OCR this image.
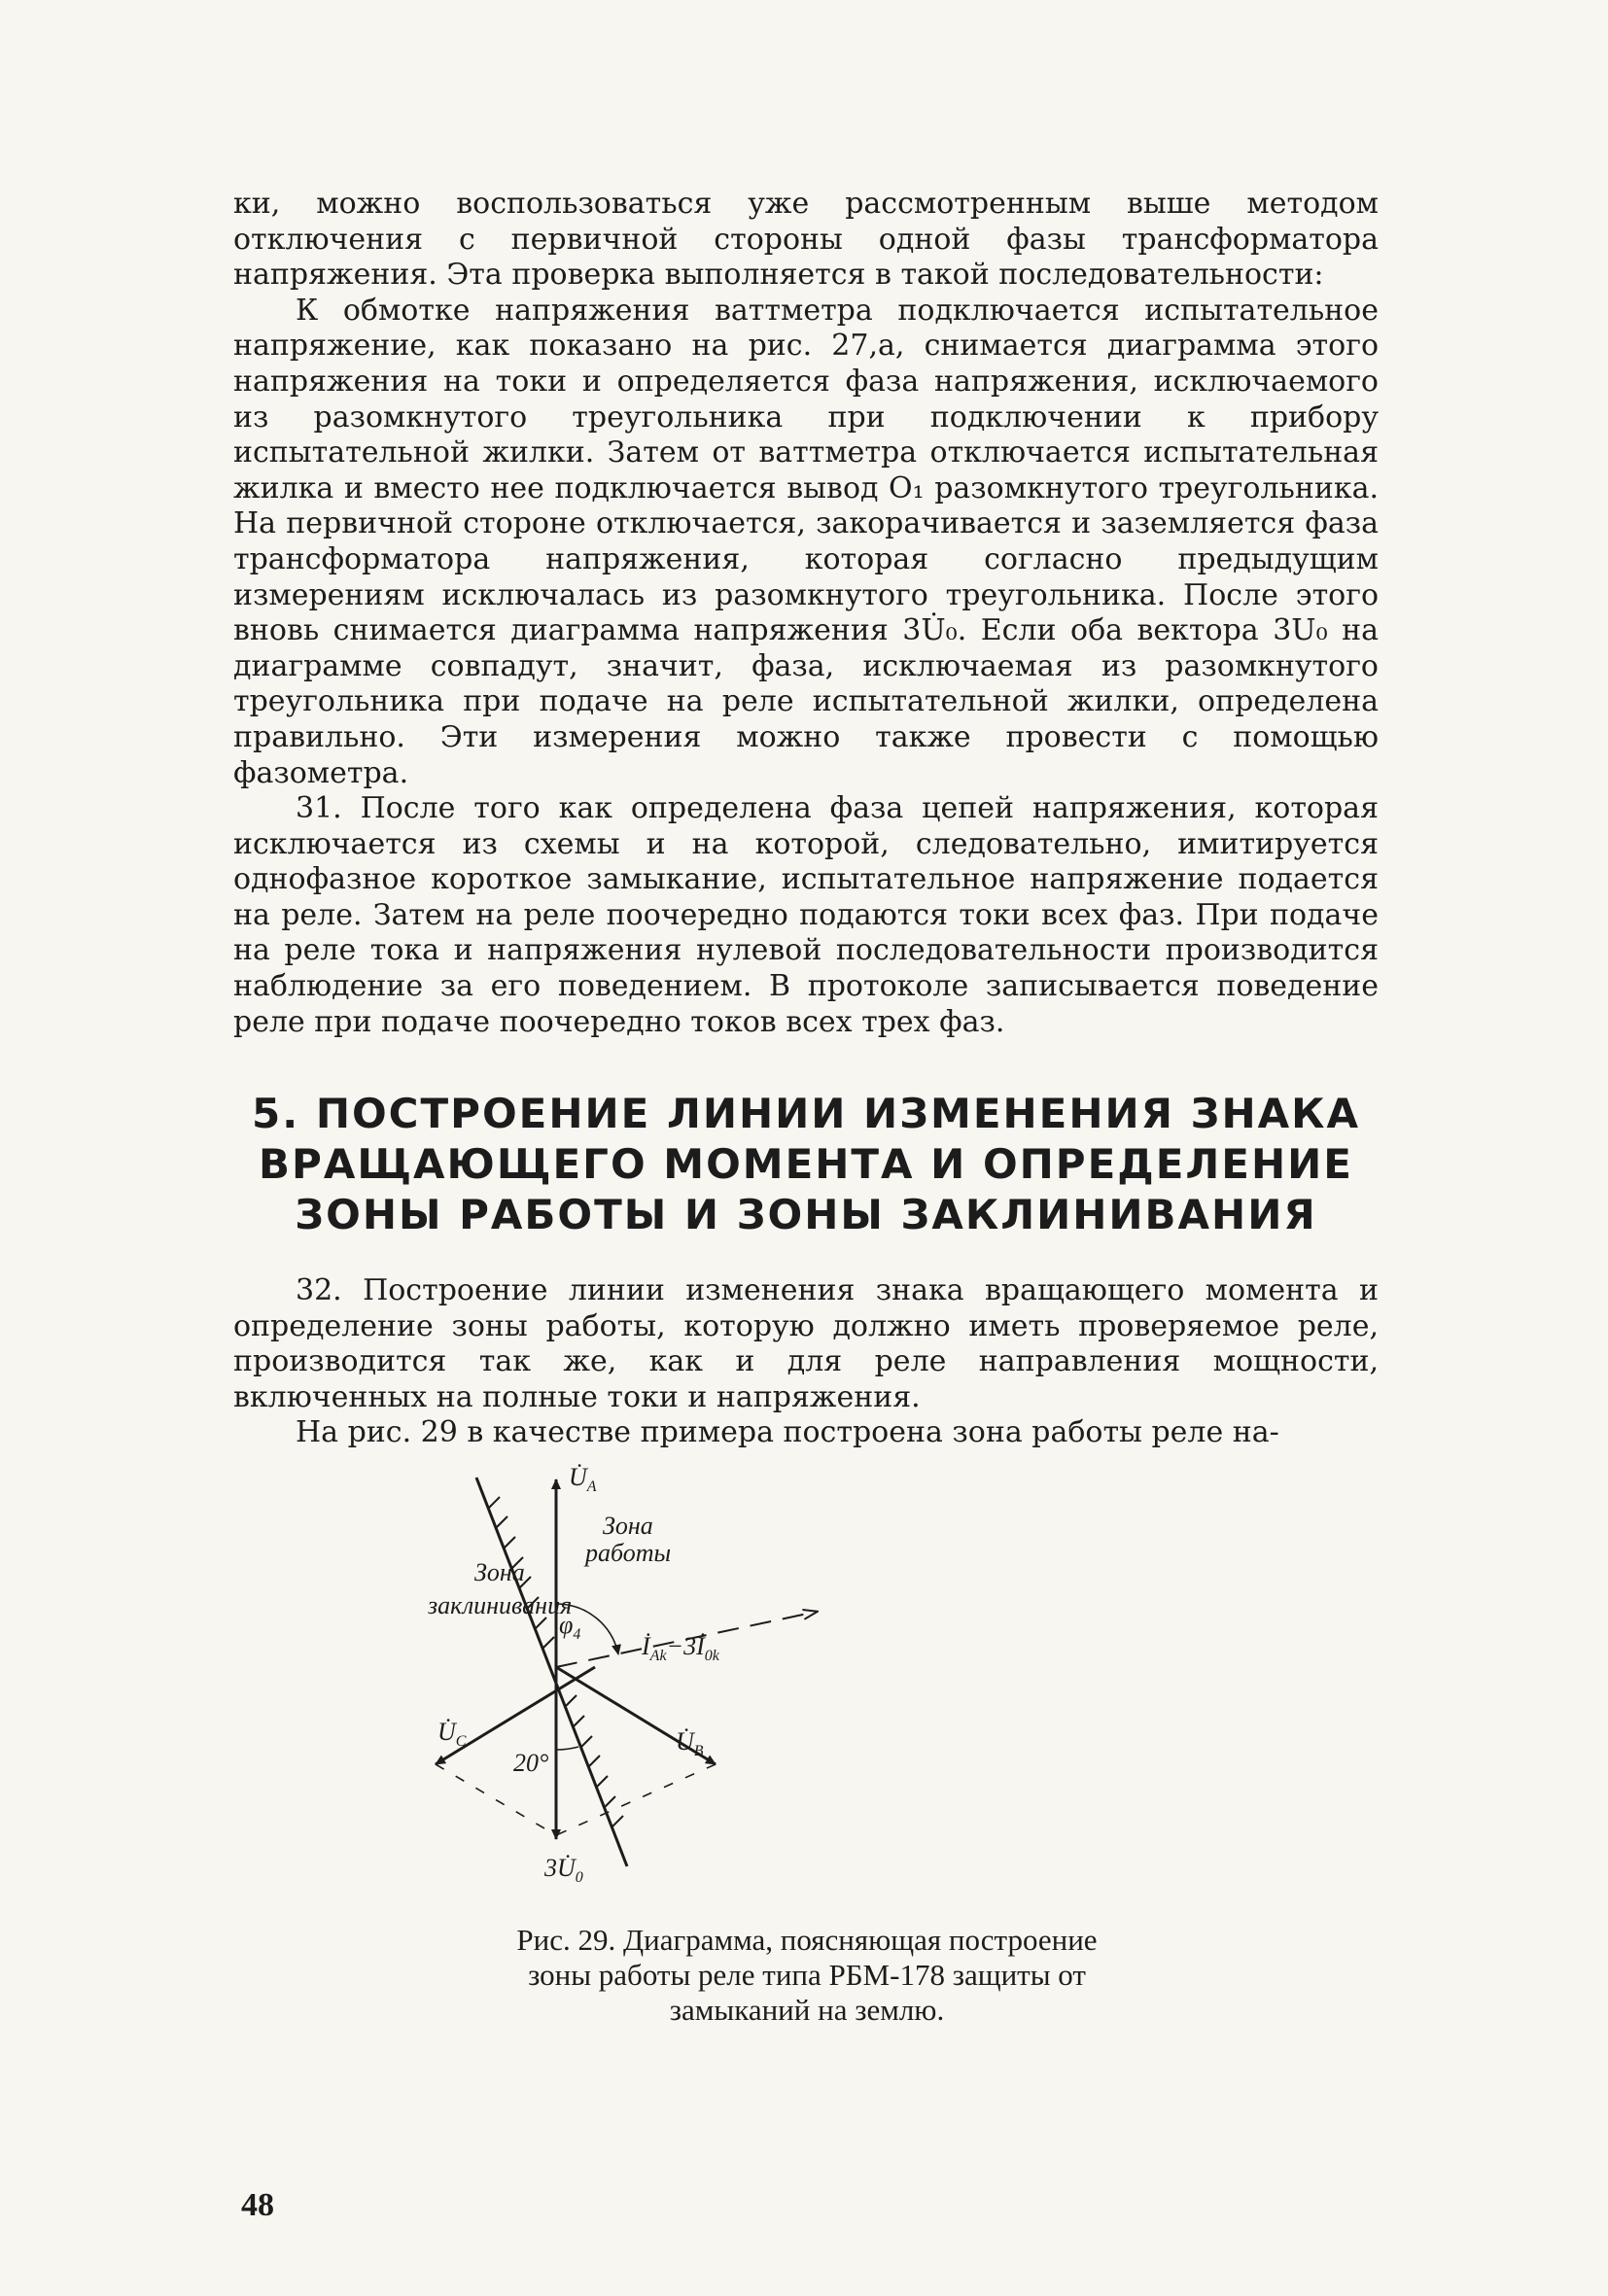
ки, можно воспользоваться уже рассмотренным выше методом отключения с первичной стороны одной фазы трансформатора напряжения. Эта проверка выполняется в такой последовательности:

К обмотке напряжения ваттметра подключается испытательное напряжение, как показано на рис. 27,а, снимается диаграмма этого напряжения на токи и определяется фаза напряжения, исключаемого из разомкнутого треугольника при подключении к прибору испытательной жилки. Затем от ваттметра отключается испытательная жилка и вместо нее подключается вывод O₁ разомкнутого треугольника. На первичной стороне отключается, закорачивается и заземляется фаза трансформатора напряжения, которая согласно предыдущим измерениям исключалась из разомкнутого треугольника. После этого вновь снимается диаграмма напряжения 3U̇₀. Если оба вектора 3U₀ на диаграмме совпадут, значит, фаза, исключаемая из разомкнутого треугольника при подаче на реле испытательной жилки, определена правильно. Эти измерения можно также провести с помощью фазометра.

31. После того как определена фаза цепей напряжения, которая исключается из схемы и на которой, следовательно, имитируется однофазное короткое замыкание, испытательное напряжение подается на реле. Затем на реле поочередно подаются токи всех фаз. При подаче на реле тока и напряжения нулевой последовательности производится наблюдение за его поведением. В протоколе записывается поведение реле при подаче поочередно токов всех трех фаз.

5. ПОСТРОЕНИЕ ЛИНИИ ИЗМЕНЕНИЯ ЗНАКА
ВРАЩАЮЩЕГО МОМЕНТА И ОПРЕДЕЛЕНИЕ
ЗОНЫ РАБОТЫ И ЗОНЫ ЗАКЛИНИВАНИЯ

32. Построение линии изменения знака вращающего момента и определение зоны работы, которую должно иметь проверяемое реле, производится так же, как и для реле направления мощности, включенных на полные токи и напряжения.

На рис. 29 в качестве примера построена зона работы реле на-

$U̇_A$
Зона
работы
Зона
заклинивания
$\varphi_4$ $İ_{Ak}-3İ_{0k}$
$U̇_B$
$U̇_C$
20°
$3U̇_0$
Рис. 29. Диаграмма, поясняющая построение зоны работы реле типа РБМ-178 защиты от замыканий на землю.
48
